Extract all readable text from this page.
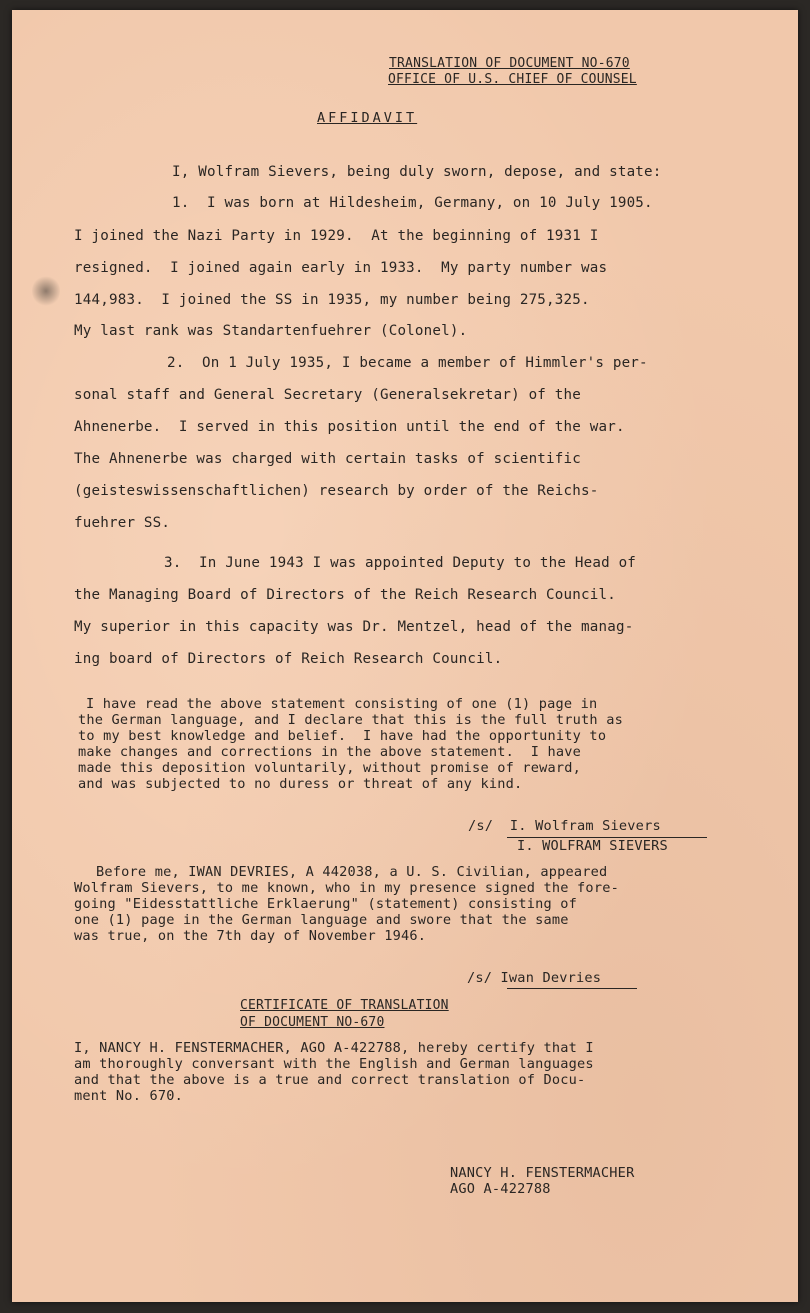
TRANSLATION OF DOCUMENT NO-670
OFFICE OF U.S. CHIEF OF COUNSEL
AFFIDAVIT
I, Wolfram Sievers, being duly sworn, depose, and state:
1.  I was born at Hildesheim, Germany, on 10 July 1905.
I joined the Nazi Party in 1929.  At the beginning of 1931 I
resigned.  I joined again early in 1933.  My party number was
144,983.  I joined the SS in 1935, my number being 275,325.
My last rank was Standartenfuehrer (Colonel).
2.  On 1 July 1935, I became a member of Himmler's per-
sonal staff and General Secretary (Generalsekretar) of the
Ahnenerbe.  I served in this position until the end of the war.
The Ahnenerbe was charged with certain tasks of scientific
(geisteswissenschaftlichen) research by order of the Reichs-
fuehrer SS.
3.  In June 1943 I was appointed Deputy to the Head of
the Managing Board of Directors of the Reich Research Council.
My superior in this capacity was Dr. Mentzel, head of the manag-
ing board of Directors of Reich Research Council.
I have read the above statement consisting of one (1) page in
the German language, and I declare that this is the full truth as
to my best knowledge and belief.  I have had the opportunity to
make changes and corrections in the above statement.  I have
made this deposition voluntarily, without promise of reward,
and was subjected to no duress or threat of any kind.
/s/  I. Wolfram Sievers
I. WOLFRAM SIEVERS
Before me, IWAN DEVRIES, A 442038, a U. S. Civilian, appeared
Wolfram Sievers, to me known, who in my presence signed the fore-
going "Eidesstattliche Erklaerung" (statement) consisting of
one (1) page in the German language and swore that the same
was true, on the 7th day of November 1946.
/s/ Iwan Devries
CERTIFICATE OF TRANSLATION
OF DOCUMENT NO-670
I, NANCY H. FENSTERMACHER, AGO A-422788, hereby certify that I
am thoroughly conversant with the English and German languages
and that the above is a true and correct translation of Docu-
ment No. 670.
NANCY H. FENSTERMACHER
AGO A-422788
